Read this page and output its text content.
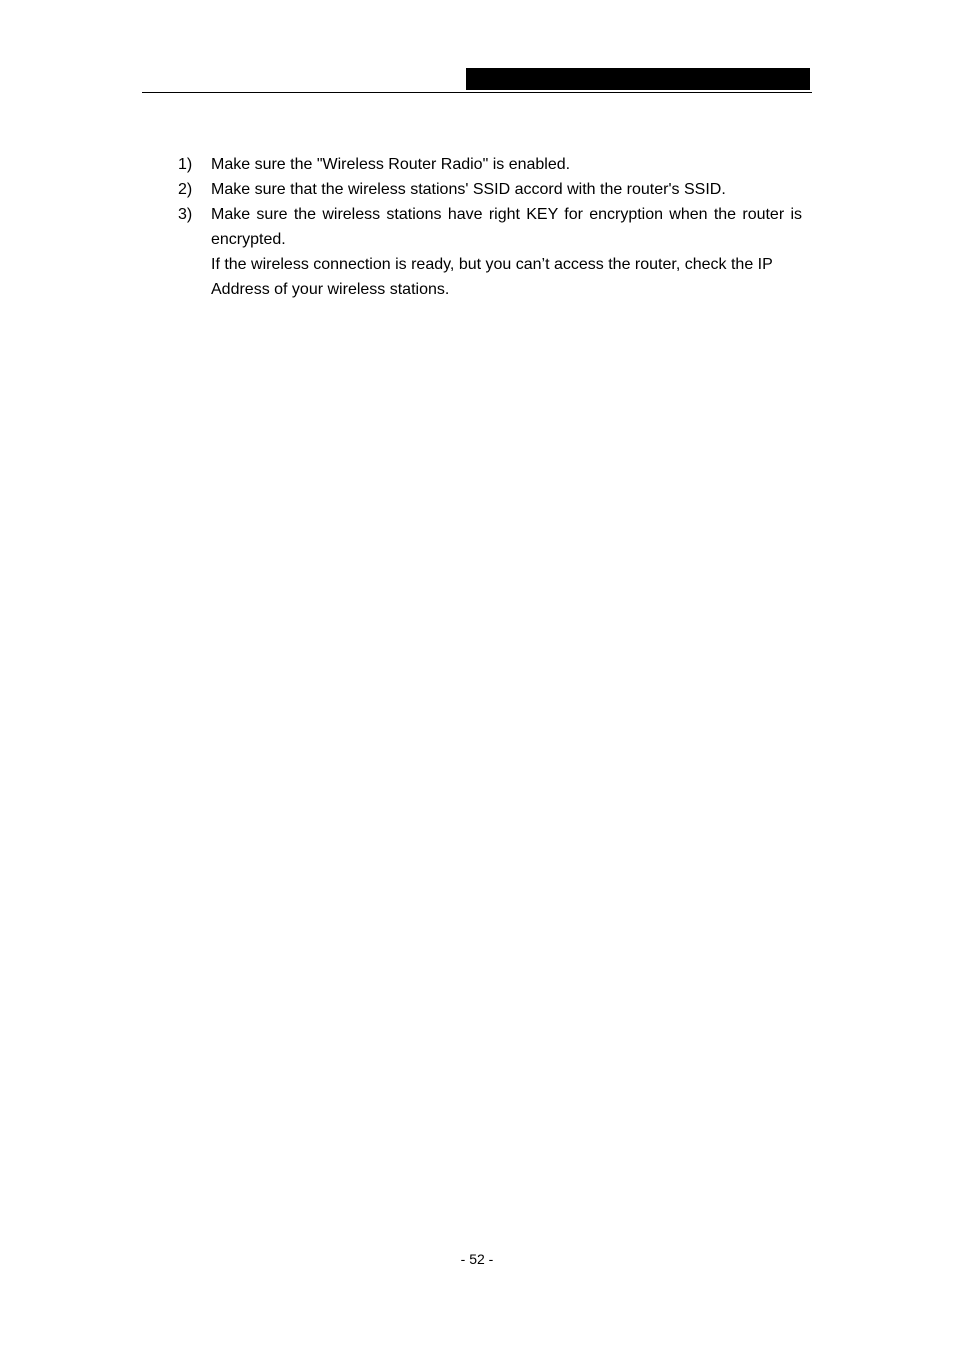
1) Make sure the "Wireless Router Radio" is enabled.
2) Make sure that the wireless stations' SSID accord with the router's SSID.
3) Make sure the wireless stations have right KEY for encryption when the router is encrypted.
If the wireless connection is ready, but you can’t access the router, check the IP Address of your wireless stations.
- 52 -
